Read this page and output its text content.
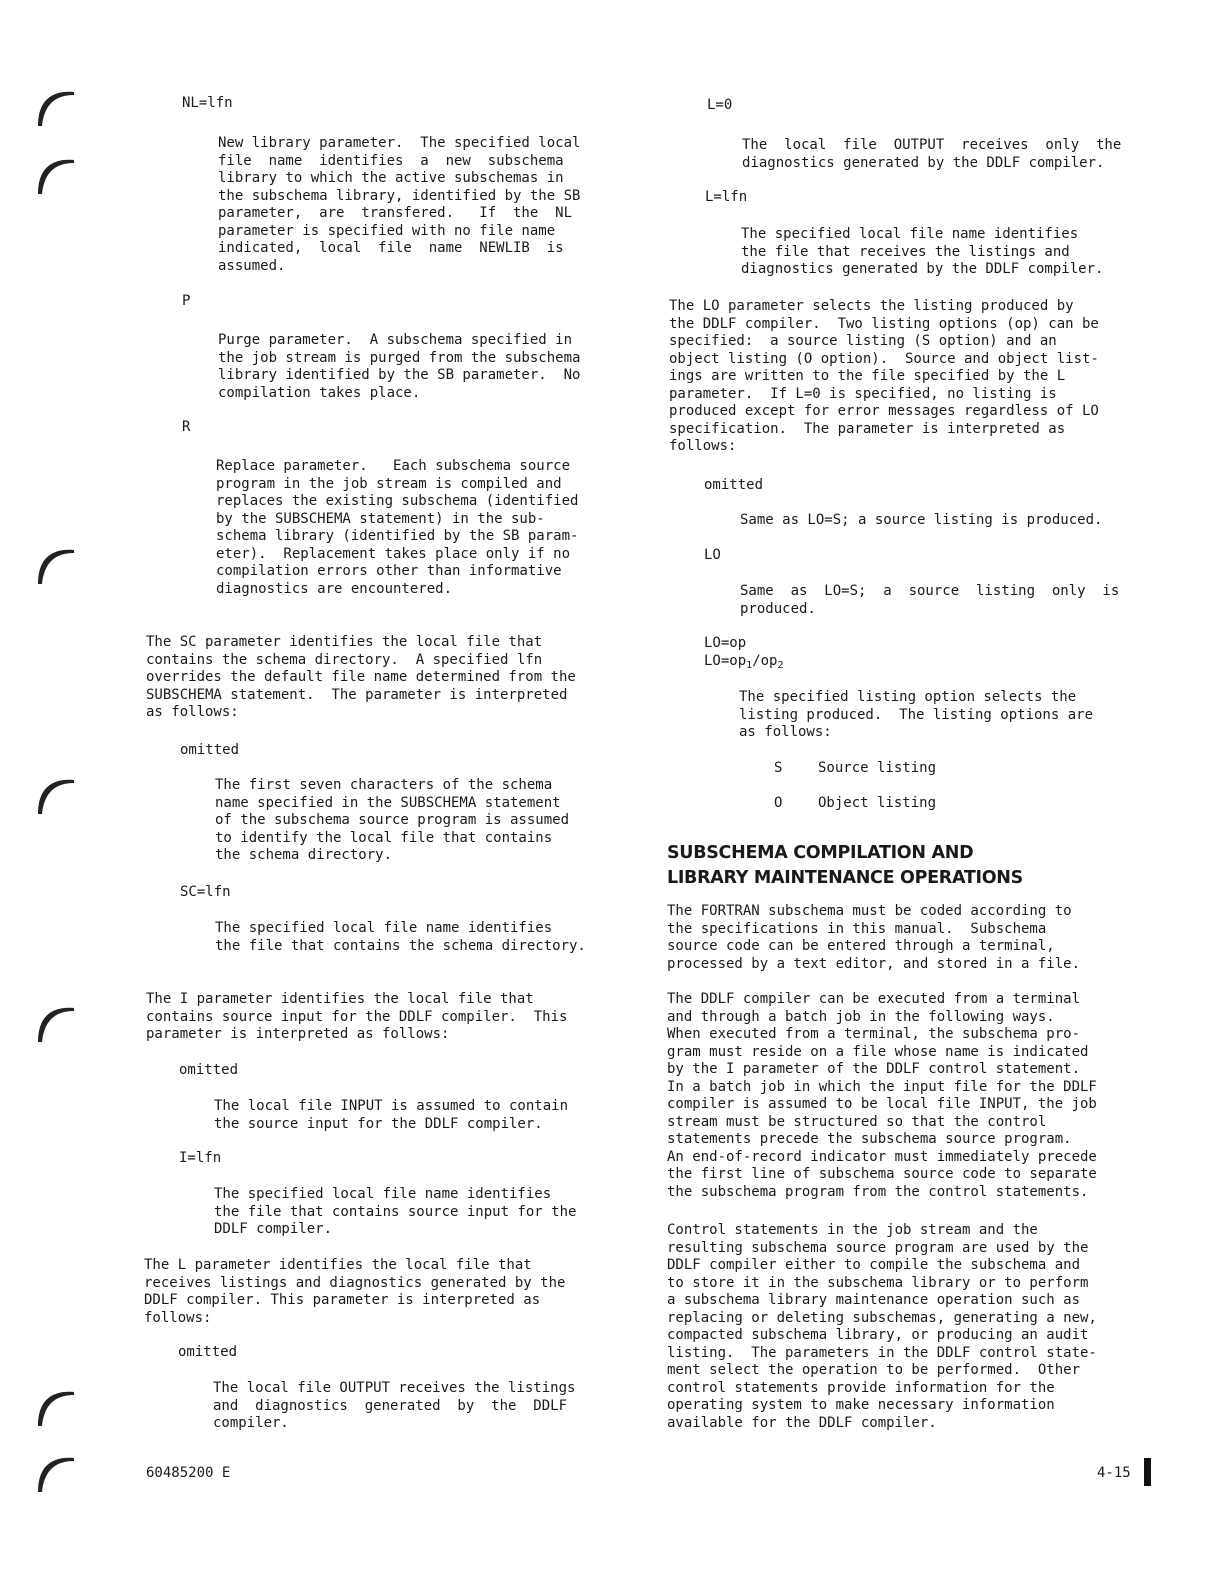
NL=lfn
New library parameter.  The specified local
file  name  identifies  a  new  subschema
library to which the active subschemas in
the subschema library, identified by the SB
parameter,  are  transfered.   If  the  NL
parameter is specified with no file name
indicated,  local  file  name  NEWLIB  is
assumed.
P
Purge parameter.  A subschema specified in
the job stream is purged from the subschema
library identified by the SB parameter.  No
compilation takes place.
R
Replace parameter.   Each subschema source
program in the job stream is compiled and
replaces the existing subschema (identified
by the SUBSCHEMA statement) in the sub-
schema library (identified by the SB param-
eter).  Replacement takes place only if no
compilation errors other than informative
diagnostics are encountered.
The SC parameter identifies the local file that
contains the schema directory.  A specified lfn
overrides the default file name determined from the
SUBSCHEMA statement.  The parameter is interpreted
as follows:
omitted
The first seven characters of the schema
name specified in the SUBSCHEMA statement
of the subschema source program is assumed
to identify the local file that contains
the schema directory.
SC=lfn
The specified local file name identifies
the file that contains the schema directory.
The I parameter identifies the local file that
contains source input for the DDLF compiler.  This
parameter is interpreted as follows:
omitted
The local file INPUT is assumed to contain
the source input for the DDLF compiler.
I=lfn
The specified local file name identifies
the file that contains source input for the
DDLF compiler.
The L parameter identifies the local file that
receives listings and diagnostics generated by the
DDLF compiler. This parameter is interpreted as
follows:
omitted
The local file OUTPUT receives the listings
and  diagnostics  generated  by  the  DDLF
compiler.
L=0
The  local  file  OUTPUT  receives  only  the
diagnostics generated by the DDLF compiler.
L=lfn
The specified local file name identifies
the file that receives the listings and
diagnostics generated by the DDLF compiler.
The LO parameter selects the listing produced by
the DDLF compiler.  Two listing options (op) can be
specified:  a source listing (S option) and an
object listing (O option).  Source and object list-
ings are written to the file specified by the L
parameter.  If L=0 is specified, no listing is
produced except for error messages regardless of LO
specification.  The parameter is interpreted as
follows:
omitted
Same as LO=S; a source listing is produced.
LO
Same  as  LO=S;  a  source  listing  only  is
produced.
LO=op
$LO=op_1/op_2$
The specified listing option selects the
listing produced.  The listing options are
as follows:
S	Source listing
O	Object listing
SUBSCHEMA COMPILATION AND
LIBRARY MAINTENANCE OPERATIONS
The FORTRAN subschema must be coded according to
the specifications in this manual.  Subschema
source code can be entered through a terminal,
processed by a text editor, and stored in a file.
The DDLF compiler can be executed from a terminal
and through a batch job in the following ways.
When executed from a terminal, the subschema pro-
gram must reside on a file whose name is indicated
by the I parameter of the DDLF control statement.
In a batch job in which the input file for the DDLF
compiler is assumed to be local file INPUT, the job
stream must be structured so that the control
statements precede the subschema source program.
An end-of-record indicator must immediately precede
the first line of subschema source code to separate
the subschema program from the control statements.
Control statements in the job stream and the
resulting subschema source program are used by the
DDLF compiler either to compile the subschema and
to store it in the subschema library or to perform
a subschema library maintenance operation such as
replacing or deleting subschemas, generating a new,
compacted subschema library, or producing an audit
listing.  The parameters in the DDLF control state-
ment select the operation to be performed.  Other
control statements provide information for the
operating system to make necessary information
available for the DDLF compiler.
60485200 E	4-15
